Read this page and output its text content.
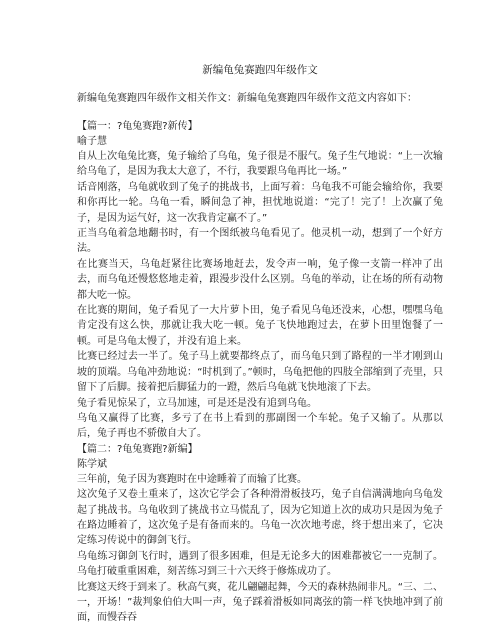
新编龟兔赛跑四年级作文

新编龟兔赛跑四年级作文相关作文：新编龟兔赛跑四年级作文范文内容如下：

【篇一：?龟兔赛跑?新传】

喻子慧

自从上次龟兔比赛，兔子输给了乌龟，兔子很是不服气。兔子生气地说：“上一次输给乌龟了，是因为我太大意了，不行，我要跟乌龟再比一场。”

话音刚落，乌龟就收到了兔子的挑战书，上面写着：乌龟我不可能会输给你，我要和你再比一轮。乌龟一看，瞬间急了神，担忧地说道：“完了！完了！上次赢了兔子，是因为运气好，这一次我肯定赢不了。”

正当乌龟着急地翻书时，有一个图纸被乌龟看见了。他灵机一动，想到了一个好方法。

在比赛当天，乌龟赶紧往比赛场地赶去，发令声一响，兔子像一支箭一样冲了出去，而乌龟还慢悠悠地走着，跟漫步没什么区别。乌龟的举动，让在场的所有动物都大吃一惊。

在比赛的期间，兔子看见了一大片萝卜田，兔子看见乌龟还没来，心想，嘿嘿乌龟肯定没有这么快，那就让我大吃一顿。兔子飞快地跑过去，在萝卜田里饱餐了一顿。可是乌龟太慢了，并没有追上来。

比赛已经过去一半了。兔子马上就要都终点了，而乌龟只到了路程的一半才刚到山坡的顶端。乌龟冲劲地说：“时机到了。”顿时，乌龟把他的四肢全部缩到了壳里，只留下了后脚。接着把后脚猛力的一蹬，然后乌龟就飞快地滚了下去。

兔子看见惊呆了，立马加速，可是还是没有追到乌龟。

乌龟又赢得了比赛，多亏了在书上看到的那副图一个车轮。兔子又输了。从那以后，兔子再也不骄傲自大了。

【篇二：?龟兔赛跑?新编】

陈学斌

三年前，兔子因为赛跑时在中途睡着了而输了比赛。

这次兔子又卷土重来了，这次它学会了各种滑滑板技巧，兔子自信满满地向乌龟发起了挑战书。乌龟收到了挑战书立马慌乱了，因为它知道上次的成功只是因为兔子在路边睡着了，这次兔子是有备而来的。乌龟一次次地考虑，终于想出来了，它决定练习传说中的御剑飞行。

乌龟练习御剑飞行时，遇到了很多困难，但是无论多大的困难都被它一一克制了。乌龟打破重重困难，刻苦练习到三十六天终于修炼成功了。

比赛这天终于到来了。秋高气爽，花儿翩翩起舞，今天的森林热闹非凡。“三、二、一，开场！”裁判象伯伯大叫一声，兔子踩着滑板如同离弦的箭一样飞快地冲到了前面，而慢吞吞
